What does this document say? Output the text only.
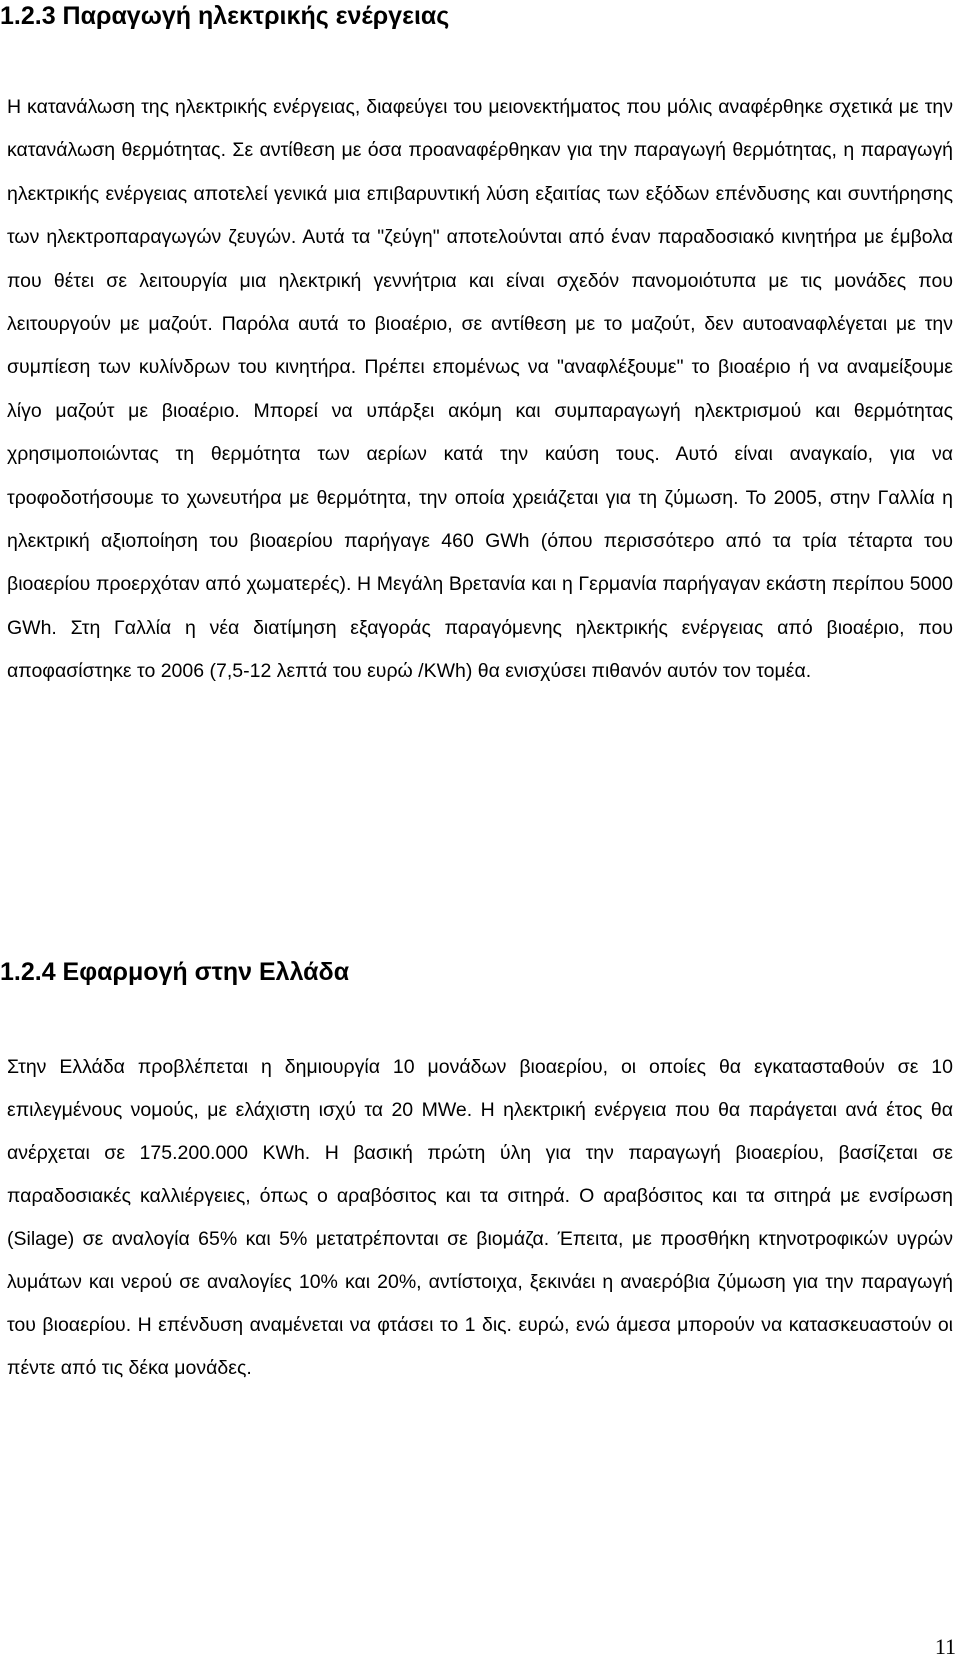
1.2.3 Παραγωγή ηλεκτρικής ενέργειας

Η κατανάλωση της ηλεκτρικής ενέργειας, διαφεύγει του μειονεκτήματος που μόλις αναφέρθηκε σχετικά με την κατανάλωση θερμότητας. Σε αντίθεση με όσα προαναφέρθηκαν για την παραγωγή θερμότητας, η παραγωγή ηλεκτρικής ενέργειας αποτελεί γενικά μια επιβαρυντική λύση εξαιτίας των εξόδων επένδυσης και συντήρησης των ηλεκτροπαραγωγών ζευγών. Αυτά τα "ζεύγη" αποτελούνται από έναν παραδοσιακό κινητήρα με έμβολα που θέτει σε λειτουργία μια ηλεκτρική γεννήτρια και είναι σχεδόν πανομοιότυπα με τις μονάδες που λειτουργούν με μαζούτ. Παρόλα αυτά το βιοαέριο, σε αντίθεση με το μαζούτ, δεν αυτοαναφλέγεται με την συμπίεση των κυλίνδρων του κινητήρα. Πρέπει επομένως να "αναφλέξουμε" το βιοαέριο ή να αναμείξουμε λίγο μαζούτ με βιοαέριο. Μπορεί να υπάρξει ακόμη και συμπαραγωγή ηλεκτρισμού και θερμότητας χρησιμοποιώντας τη θερμότητα των αερίων κατά την καύση τους. Αυτό είναι αναγκαίο, για να τροφοδοτήσουμε το χωνευτήρα με θερμότητα, την οποία χρειάζεται για τη ζύμωση. Το 2005, στην Γαλλία η ηλεκτρική αξιοποίηση του βιοαερίου παρήγαγε 460 GWh (όπου περισσότερο από τα τρία τέταρτα του βιοαερίου προερχόταν από χωματερές). Η Μεγάλη Βρετανία και η Γερμανία παρήγαγαν εκάστη περίπου 5000 GWh. Στη Γαλλία η νέα διατίμηση εξαγοράς παραγόμενης ηλεκτρικής ενέργειας από βιοαέριο, που αποφασίστηκε το 2006 (7,5-12 λεπτά του ευρώ /KWh) θα ενισχύσει πιθανόν αυτόν τον τομέα.

1.2.4 Εφαρμογή στην Ελλάδα

Στην Ελλάδα προβλέπεται η δημιουργία 10 μονάδων βιοαερίου, οι οποίες θα εγκατασταθούν σε 10 επιλεγμένους νομούς, με ελάχιστη ισχύ τα 20 MWe. Η ηλεκτρική ενέργεια που θα παράγεται ανά έτος θα ανέρχεται σε 175.200.000 KWh. Η βασική πρώτη ύλη για την παραγωγή βιοαερίου, βασίζεται σε παραδοσιακές καλλιέργειες, όπως ο αραβόσιτος και τα σιτηρά. Ο αραβόσιτος και τα σιτηρά με ενσίρωση (Silage) σε αναλογία 65% και 5% μετατρέπονται σε βιομάζα. Έπειτα, με προσθήκη κτηνοτροφικών υγρών λυμάτων και νερού σε αναλογίες 10% και 20%, αντίστοιχα, ξεκινάει η αναερόβια ζύμωση για την παραγωγή του βιοαερίου. Η επένδυση αναμένεται να φτάσει το 1 δις. ευρώ, ενώ άμεσα μπορούν να κατασκευαστούν οι πέντε από τις δέκα μονάδες.

11
